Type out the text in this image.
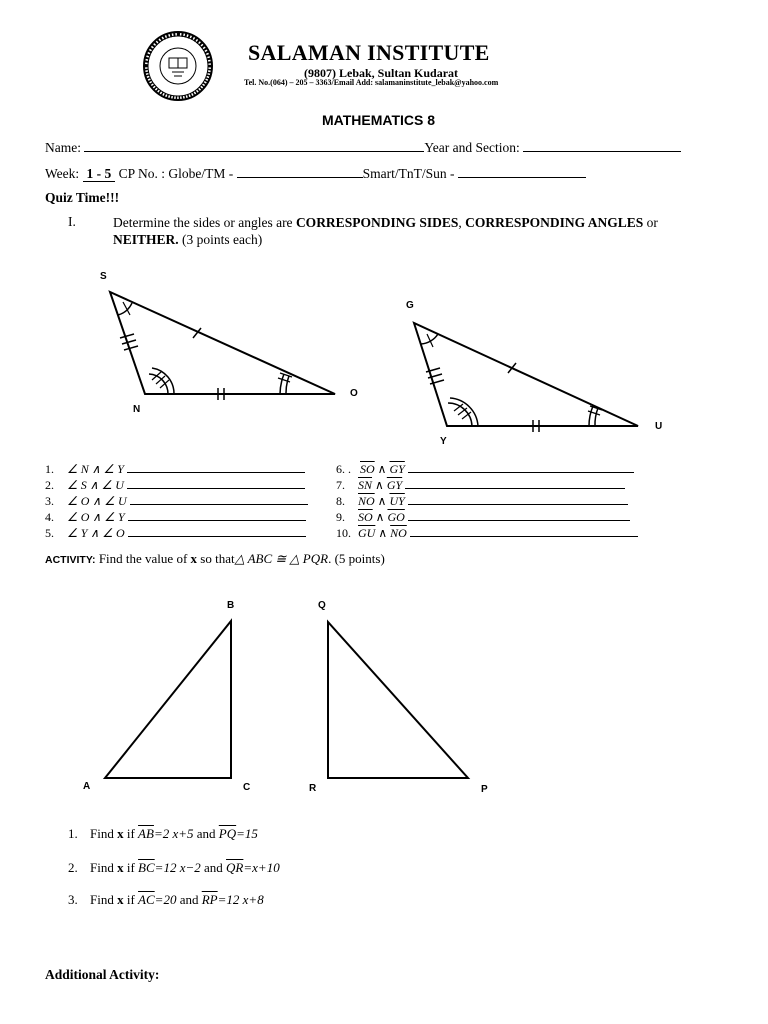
SALAMAN INSTITUTE
(9807) Lebak, Sultan Kudarat
Tel. No.(064) – 205 – 3363/Email Add: salamaninstitute_lebak@yahoo.com
MATHEMATICS 8
Name:	Year and Section:
Week: 1 - 5 CP No. : Globe/TM -	Smart/TnT/Sun -
Quiz Time!!!
I.	Determine the sides or angles are CORRESPONDING SIDES, CORRESPONDING ANGLES or
NEITHER. (3 points each)
S
N
O
G
Y
U
1. ∠ N ∧ ∠ Y
2. ∠ S ∧ ∠ U
3. ∠ O ∧ ∠ U
4. ∠ O ∧ ∠ Y
5. ∠ Y ∧ ∠ O
6. . $\overline{SO}$ ∧ $\overline{GY}$
7. $\overline{SN}$ ∧ $\overline{GY}$
8. $\overline{NO}$ ∧ $\overline{UY}$
9. $\overline{SO}$ ∧ $\overline{GO}$
10. $\overline{GU}$ ∧ $\overline{NO}$
ACTIVITY: Find the value of x so that△ ABC ≅ △ PQR. (5 points)
B
A	C
Q
R	P
1. Find x if $\overline{AB}=2$ x+5 and $\overline{PQ}=15$
2. Find x if $\overline{BC}=12$ x−2 and $\overline{QR}=x+10$
3. Find x if $\overline{AC}=20$ and $\overline{RP}=12$ x+8
Additional Activity:
